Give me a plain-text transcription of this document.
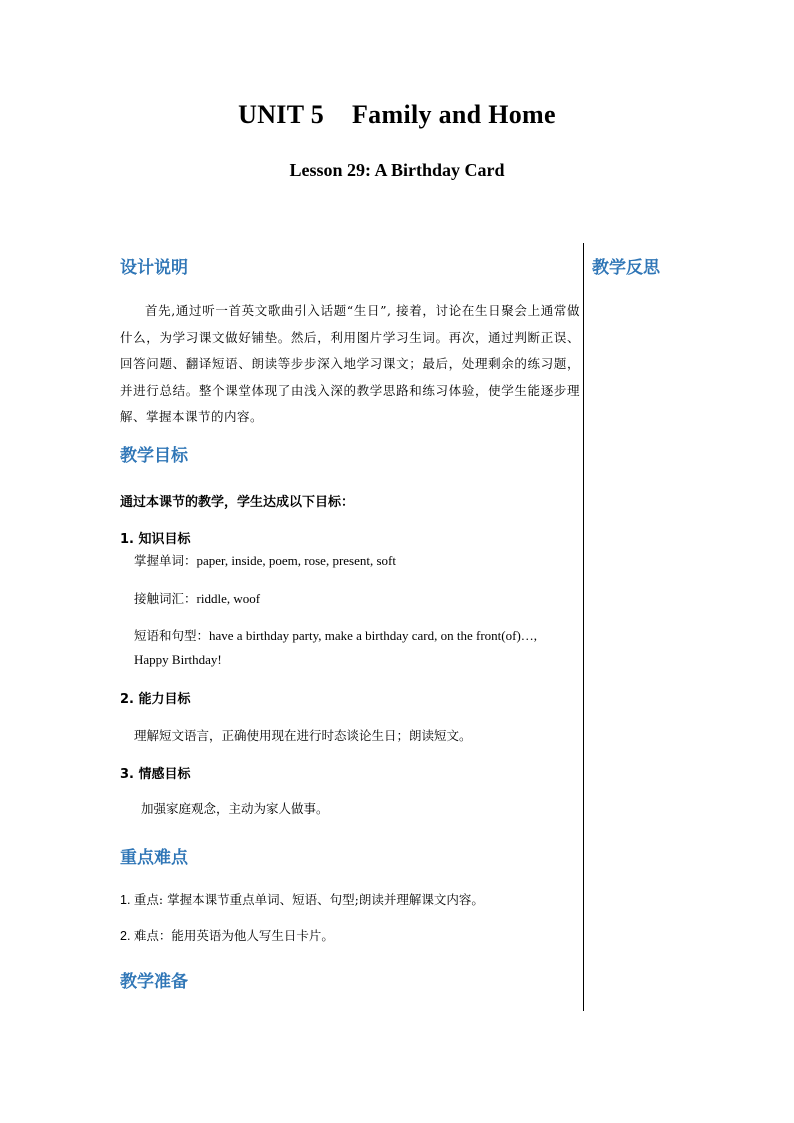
UNIT 5 Family and Home
Lesson 29: A Birthday Card
教学反思
设计说明

首先,通过听一首英文歌曲引入话题“生日”, 接着，讨论在生日聚会上通常做什么，为学习课文做好铺垫。然后，利用图片学习生词。再次，通过判断正误、回答问题、翻译短语、朗读等步步深入地学习课文；最后，处理剩余的练习题，并进行总结。整个课堂体现了由浅入深的教学思路和练习体验，使学生能逐步理解、掌握本课节的内容。

教学目标

通过本课节的教学，学生达成以下目标：

1. 知识目标

掌握单词：paper, inside, poem, rose, present, soft

接触词汇：riddle, woof

短语和句型：have a birthday party, make a birthday card, on the front(of)…,

Happy Birthday!

2. 能力目标

理解短文语言，正确使用现在进行时态谈论生日；朗读短文。

3. 情感目标

加强家庭观念，主动为家人做事。

重点难点

1. 重点: 掌握本课节重点单词、短语、句型;朗读并理解课文内容。

2. 难点：能用英语为他人写生日卡片。

教学准备
